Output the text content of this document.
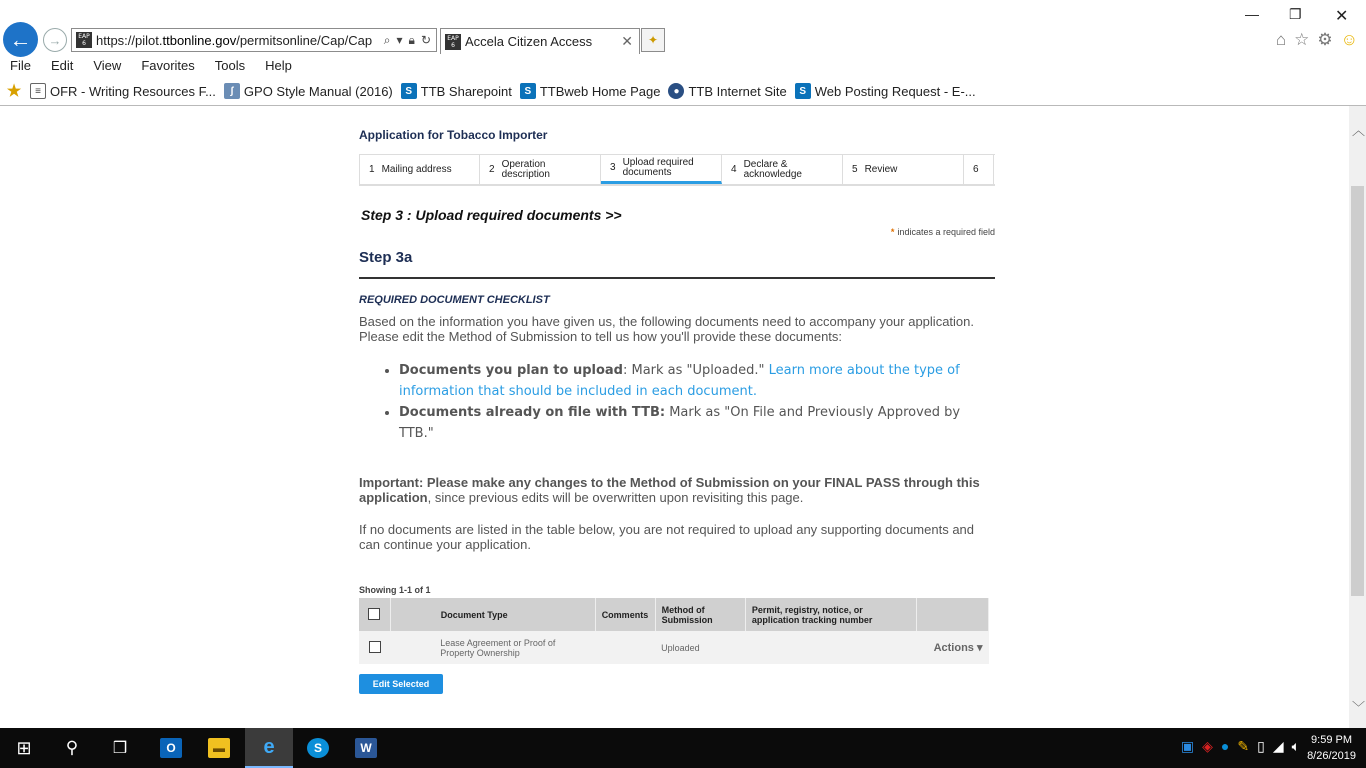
— ❐ ✕
← →	EAP 6 https://pilot.ttbonline.gov/permitsonline/Cap/Cap ⌕ ▾ 🔒︎ ↻	EAP 6 Accela Citizen Access	✕	✦	⌂ ☆ ⚙ ☺
File	Edit	View	Favorites	Tools	Help
★	≡ OFR - Writing Resources F...	ʃ GPO Style Manual (2016)	S TTB Sharepoint	S TTBweb Home Page	● TTB Internet Site	S Web Posting Request - E-...
︿
﹀
Application for Tobacco Importer
1 Mailing address	2 Operation description
3 Upload required documents	4 Declare & acknowledge	5 Review	6
Step 3 : Upload required documents >>
* indicates a required field
Step 3a
REQUIRED DOCUMENT CHECKLIST
Based on the information you have given us, the following documents need to accompany your application. Please edit the Method of Submission to tell us how you'll provide these documents:
• Documents you plan to upload: Mark as "Uploaded." Learn more about the type of information that should be included in each document.
• Documents already on file with TTB: Mark as "On File and Previously Approved by TTB."
Important: Please make any changes to the Method of Submission on your FINAL PASS through this application, since previous edits will be overwritten upon revisiting this page.
If no documents are listed in the table below, you are not required to upload any supporting documents and can continue your application.
Showing 1-1 of 1
	Document Type	Comments	Method of Submission	Permit, registry, notice, or application tracking number	
	Lease Agreement or Proof of Property Ownership		Uploaded		Actions ▾
Edit Selected
⊞ ⚲ ❒	O	▬ e	S	W	▣ ◈ ● ✎ ▯ ◢ 🔈︎	9:59 PM
8/26/2019
